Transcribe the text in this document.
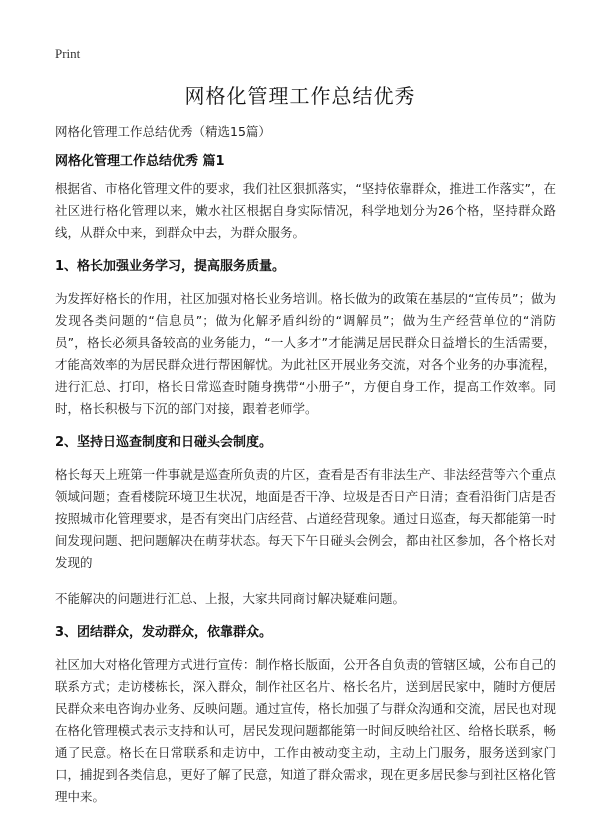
Print
网格化管理工作总结优秀
网格化管理工作总结优秀（精选15篇）
网格化管理工作总结优秀 篇1

根据省、市格化管理文件的要求，我们社区狠抓落实，“坚持依靠群众，推进工作落实”，在社区进行格化管理以来，嫩水社区根据自身实际情况，科学地划分为26个格，坚持群众路线，从群众中来，到群众中去，为群众服务。

1、格长加强业务学习，提高服务质量。

为发挥好格长的作用，社区加强对格长业务培训。格长做为的政策在基层的“宣传员”；做为发现各类问题的“信息员”；做为化解矛盾纠纷的“调解员”；做为生产经营单位的“消防员”，格长必须具备较高的业务能力，“一人多才”才能满足居民群众日益增长的生活需要，才能高效率的为居民群众进行帮困解忧。为此社区开展业务交流，对各个业务的办事流程，进行汇总、打印，格长日常巡查时随身携带“小册子”，方便自身工作，提高工作效率。同时，格长积极与下沉的部门对接，跟着老师学。

2、坚持日巡查制度和日碰头会制度。

格长每天上班第一件事就是巡查所负责的片区，查看是否有非法生产、非法经营等六个重点领域问题；查看楼院环境卫生状况，地面是否干净、垃圾是否日产日清；查看沿街门店是否按照城市化管理要求，是否有突出门店经营、占道经营现象。通过日巡查，每天都能第一时间发现问题、把问题解决在萌芽状态。每天下午日碰头会例会，都由社区参加，各个格长对发现的

不能解决的问题进行汇总、上报，大家共同商讨解决疑难问题。

3、团结群众，发动群众，依靠群众。

社区加大对格化管理方式进行宣传：制作格长版面，公开各自负责的管辖区域，公布自己的联系方式；走访楼栋长，深入群众，制作社区名片、格长名片，送到居民家中，随时方便居民群众来电咨询办业务、反映问题。通过宣传，格长加强了与群众沟通和交流，居民也对现在格化管理模式表示支持和认可，居民发现问题都能第一时间反映给社区、给格长联系，畅通了民意。格长在日常联系和走访中，工作由被动变主动，主动上门服务，服务送到家门口，捕捉到各类信息，更好了解了民意，知道了群众需求，现在更多居民参与到社区格化管理中来。
